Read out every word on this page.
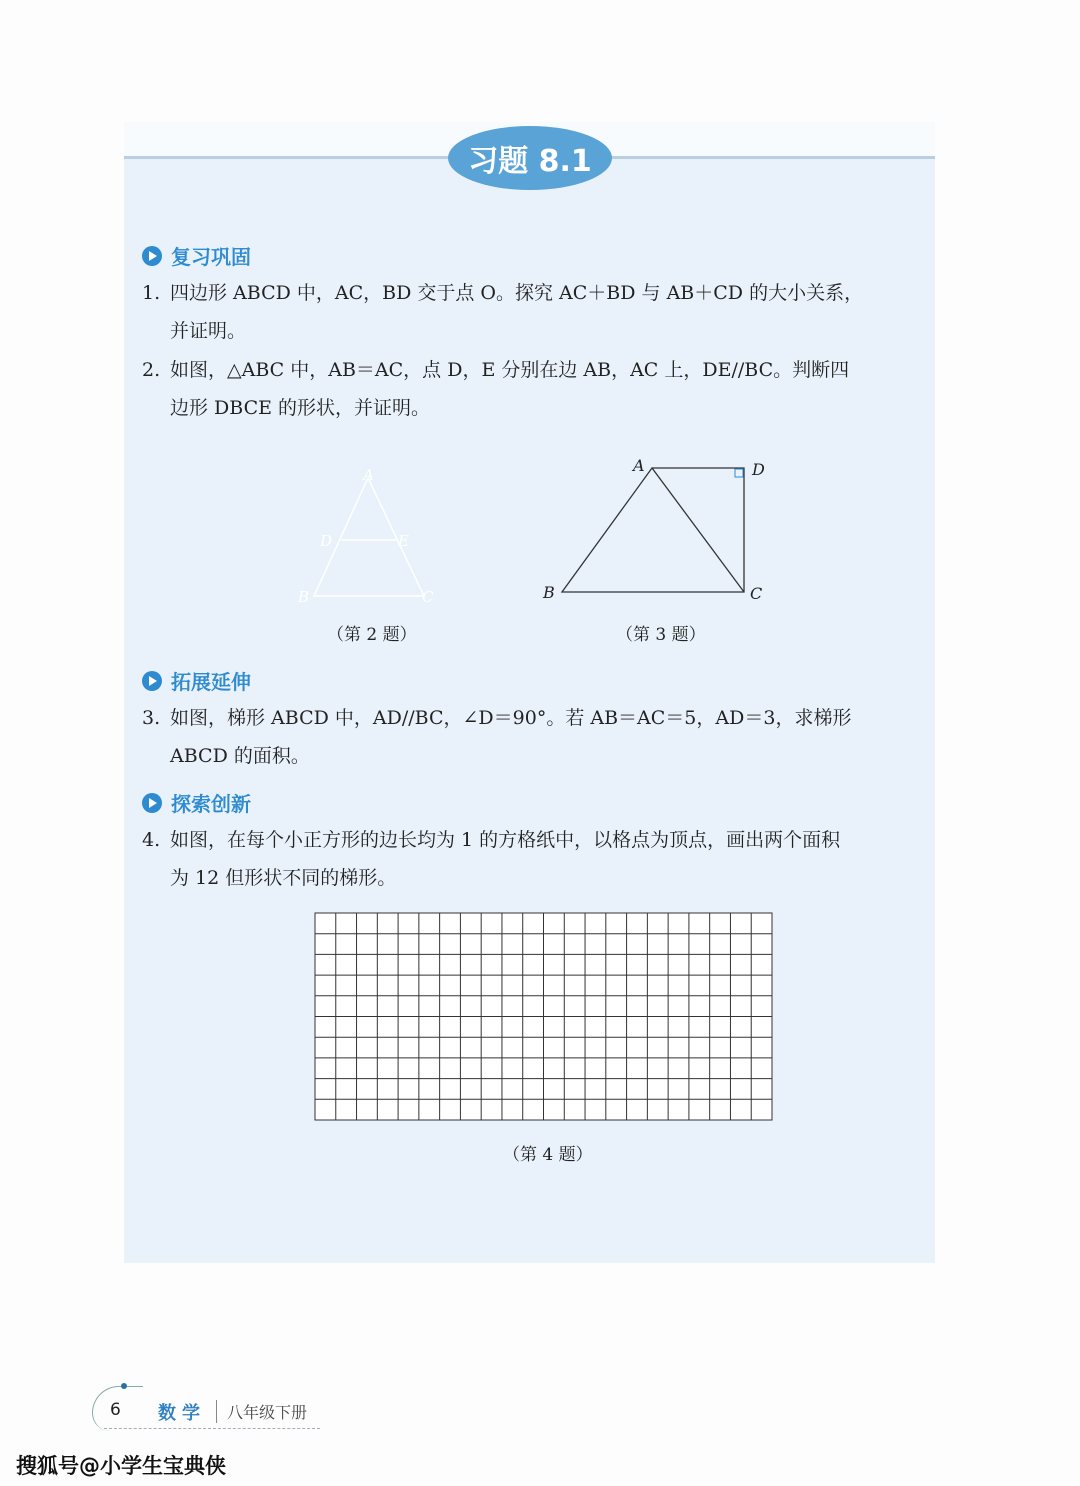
习题 8.1
复习巩固
1. 四边形 ABCD 中，AC，BD 交于点 O。探究 AC＋BD 与 AB＋CD 的大小关系，
并证明。
2. 如图，△ABC 中，AB＝AC，点 D，E 分别在边 AB，AC 上，DE//BC。判断四
边形 DBCE 的形状，并证明。
A
D	E
B	C
（第 2 题）
A	D
B	C
（第 3 题）
拓展延伸
3. 如图，梯形 ABCD 中，AD//BC，∠D＝90°。若 AB＝AC＝5，AD＝3，求梯形
ABCD 的面积。
探索创新
4. 如图，在每个小正方形的边长均为 1 的方格纸中，以格点为顶点，画出两个面积
为 12 但形状不同的梯形。
（第 4 题）
6 数学	八年级下册
搜狐号@小学生宝典侠
